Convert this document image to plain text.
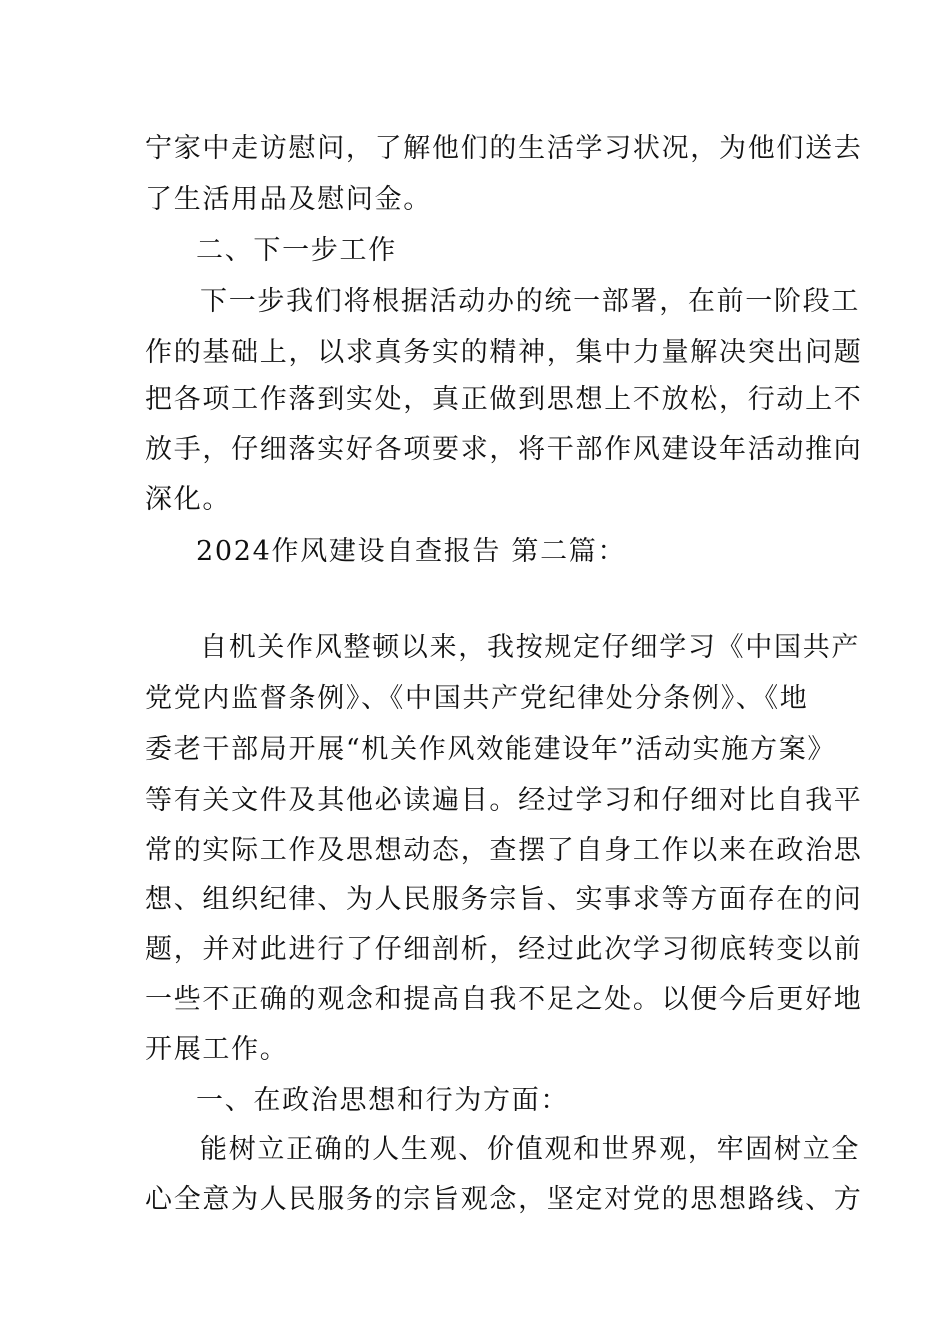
宁家中走访慰问，了解他们的生活学习状况，为他们送去
了生活用品及慰问金。
二、下一步工作
下一步我们将根据活动办的统一部署，在前一阶段工
作的基础上，以求真务实的精神，集中力量解决突出问题
把各项工作落到实处，真正做到思想上不放松，行动上不
放手，仔细落实好各项要求，将干部作风建设年活动推向
深化。
2024作风建设自查报告 第二篇：
自机关作风整顿以来，我按规定仔细学习《中国共产
党党内监督条例》、《中国共产党纪律处分条例》、《地
委老干部局开展“机关作风效能建设年”活动实施方案》
等有关文件及其他必读遍目。经过学习和仔细对比自我平
常的实际工作及思想动态，查摆了自身工作以来在政治思
想、组织纪律、为人民服务宗旨、实事求等方面存在的问
题，并对此进行了仔细剖析，经过此次学习彻底转变以前
一些不正确的观念和提高自我不足之处。以便今后更好地
开展工作。
一、在政治思想和行为方面：
能树立正确的人生观、价值观和世界观，牢固树立全
心全意为人民服务的宗旨观念，坚定对党的思想路线、方
